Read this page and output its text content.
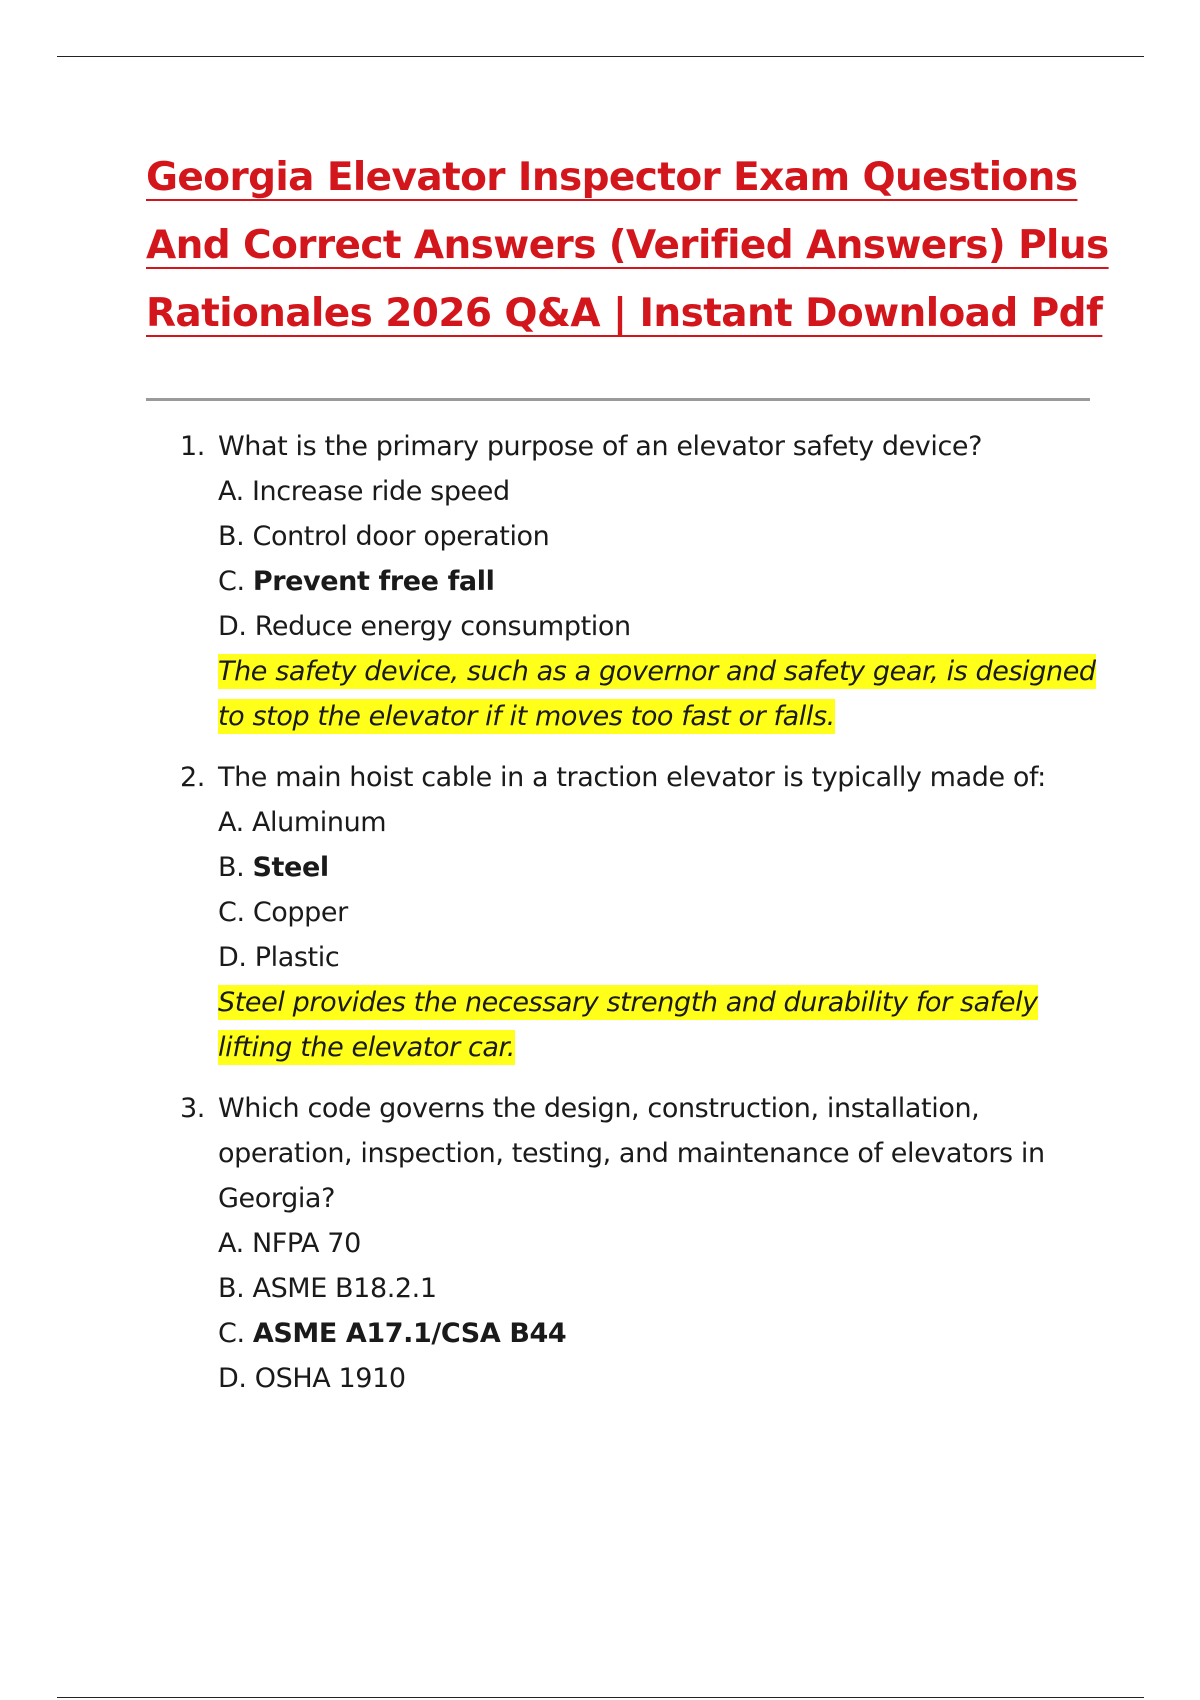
Georgia Elevator Inspector Exam Questions
And Correct Answers (Verified Answers) Plus
Rationales 2026 Q&A | Instant Download Pdf
1. What is the primary purpose of an elevator safety device?
A. Increase ride speed
B. Control door operation
C. Prevent free fall
D. Reduce energy consumption
The safety device, such as a governor and safety gear, is designed
to stop the elevator if it moves too fast or falls.
2. The main hoist cable in a traction elevator is typically made of:
A. Aluminum
B. Steel
C. Copper
D. Plastic
Steel provides the necessary strength and durability for safely
lifting the elevator car.
3. Which code governs the design, construction, installation, operation, inspection, testing, and maintenance of elevators in Georgia?
A. NFPA 70
B. ASME B18.2.1
C. ASME A17.1/CSA B44
D. OSHA 1910
